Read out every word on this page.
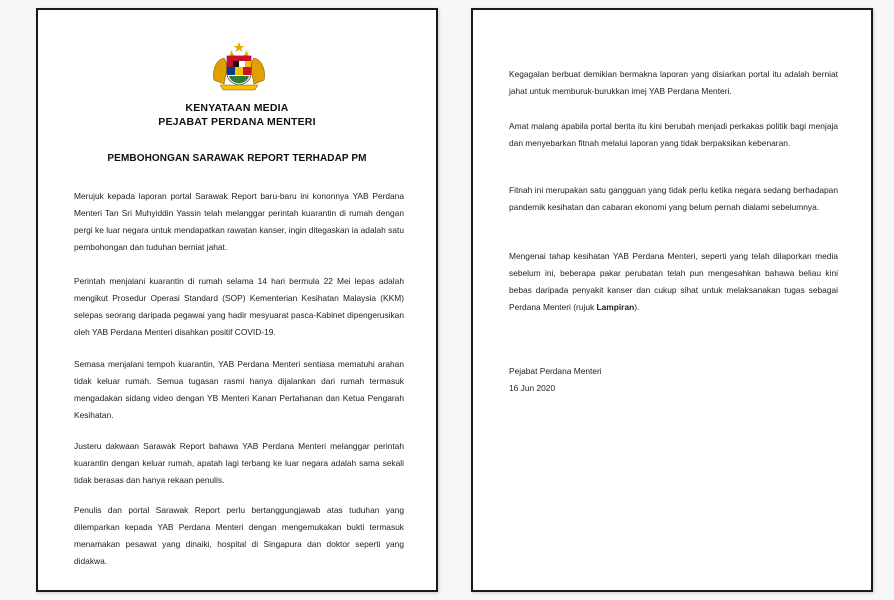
KENYATAAN MEDIA

PEJABAT PERDANA MENTERI

PEMBOHONGAN SARAWAK REPORT TERHADAP PM

Merujuk kepada laporan portal Sarawak Report baru-baru ini kononnya YAB Perdana Menteri Tan Sri Muhyiddin Yassin telah melanggar perintah kuarantin di rumah dengan pergi ke luar negara untuk mendapatkan rawatan kanser, ingin ditegaskan ia adalah satu pembohongan dan tuduhan berniat jahat.

Perintah menjalani kuarantin di rumah selama 14 hari bermula 22 Mei lepas adalah mengikut Prosedur Operasi Standard (SOP) Kementerian Kesihatan Malaysia (KKM) selepas seorang daripada pegawai yang hadir mesyuarat pasca-Kabinet dipengerusikan oleh YAB Perdana Menteri disahkan positif COVID-19.

Semasa menjalani tempoh kuarantin, YAB Perdana Menteri sentiasa mematuhi arahan tidak keluar rumah. Semua tugasan rasmi hanya dijalankan dari rumah termasuk mengadakan sidang video dengan YB Menteri Kanan Pertahanan dan Ketua Pengarah Kesihatan.

Justeru dakwaan Sarawak Report bahawa YAB Perdana Menteri melanggar perintah kuarantin dengan keluar rumah, apatah lagi terbang ke luar negara adalah sama sekali tidak berasas dan hanya rekaan penulis.

Penulis dan portal Sarawak Report perlu bertanggungjawab atas tuduhan yang dilemparkan kepada YAB Perdana Menteri dengan mengemukakan bukti termasuk menamakan pesawat yang dinaiki, hospital di Singapura dan doktor seperti yang didakwa.

Kegagalan berbuat demikian bermakna laporan yang disiarkan portal itu adalah berniat jahat untuk memburuk-burukkan imej YAB Perdana Menteri.

Amat malang apabila portal berita itu kini berubah menjadi perkakas politik bagi menjaja dan menyebarkan fitnah melalui laporan yang tidak berpaksikan kebenaran.

Fitnah ini merupakan satu gangguan yang tidak perlu ketika negara sedang berhadapan pandemik kesihatan dan cabaran ekonomi yang belum pernah dialami sebelumnya.

Mengenai tahap kesihatan YAB Perdana Menteri, seperti yang telah dilaporkan media sebelum ini, beberapa pakar perubatan telah pun mengesahkan bahawa beliau kini bebas daripada penyakit kanser dan cukup sihat untuk melaksanakan tugas sebagai Perdana Menteri (rujuk Lampiran).

Pejabat Perdana Menteri

16 Jun 2020
